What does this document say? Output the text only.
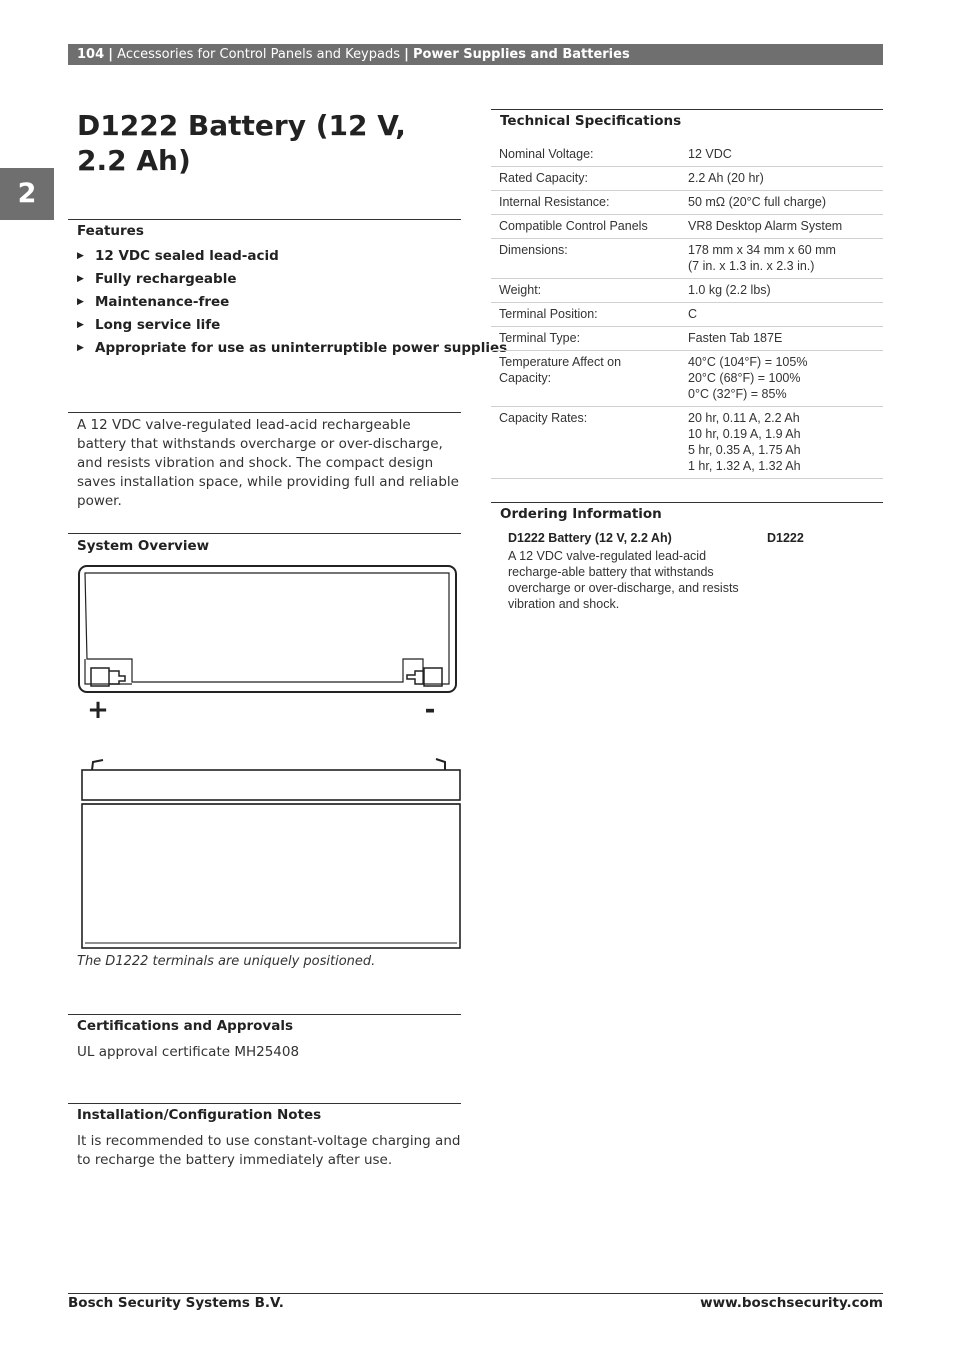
104 | Accessories for Control Panels and Keypads | Power Supplies and Batteries
2
D1222 Battery (12 V, 2.2 Ah)
Features
▶ 12 VDC sealed lead-acid
▶ Fully rechargeable
▶ Maintenance-free
▶ Long service life
▶ Appropriate for use as uninterruptible power supplies

A 12 VDC valve-regulated lead-acid rechargeable battery that withstands overcharge or over-discharge, and resists vibration and shock. The compact design saves installation space, while providing full and reliable power.

System Overview
+	-
The D1222 terminals are uniquely positioned.
Certifications and Approvals

UL approval certificate MH25408

Installation/Configuration Notes

It is recommended to use constant-voltage charging and to recharge the battery immediately after use.

Technical Specifications
Nominal Voltage:	12 VDC
Rated Capacity:	2.2 Ah (20 hr)
Internal Resistance:	50 mΩ (20°C full charge)
Compatible Control Panels	VR8 Desktop Alarm System
Dimensions:	178 mm x 34 mm x 60 mm
(7 in. x 1.3 in. x 2.3 in.)
Weight:	1.0 kg (2.2 lbs)
Terminal Position:	C
Terminal Type:	Fasten Tab 187E
Temperature Affect on Capacity:	40°C (104°F) = 105%
20°C (68°F) = 100%
0°C (32°F) = 85%
Capacity Rates:	20 hr, 0.11 A, 2.2 Ah
10 hr, 0.19 A, 1.9 Ah
5 hr, 0.35 A, 1.75 Ah
1 hr, 1.32 A, 1.32 Ah
Ordering Information
D1222 Battery (12 V, 2.2 Ah)	D1222

A 12 VDC valve-regulated lead-acid recharge-able battery that withstands overcharge or over-discharge, and resists vibration and shock.

Bosch Security Systems B.V.	www.boschsecurity.com
